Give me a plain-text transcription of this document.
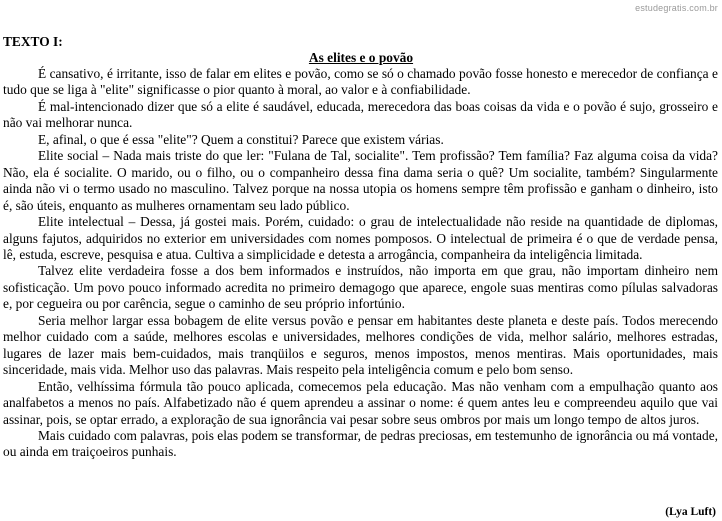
estudegratis.com.br

TEXTO I:

As elites e o povão

É cansativo, é irritante, isso de falar em elites e povão, como se só o chamado povão fosse honesto e merecedor de confiança e tudo que se liga à "elite" significasse o pior quanto à moral, ao valor e à confiabilidade.

É mal-intencionado dizer que só a elite é saudável, educada, merecedora das boas coisas da vida e o povão é sujo, grosseiro e não vai melhorar nunca.

E, afinal, o que é essa "elite"? Quem a constitui? Parece que existem várias.

Elite social – Nada mais triste do que ler: "Fulana de Tal, socialite". Tem profissão? Tem família? Faz alguma coisa da vida? Não, ela é socialite. O marido, ou o filho, ou o companheiro dessa fina dama seria o quê? Um socialite, também? Singularmente ainda não vi o termo usado no masculino. Talvez porque na nossa utopia os homens sempre têm profissão e ganham o dinheiro, isto é, são úteis, enquanto as mulheres ornamentam seu lado público.

Elite intelectual – Dessa, já gostei mais. Porém, cuidado: o grau de intelectualidade não reside na quantidade de diplomas, alguns fajutos, adquiridos no exterior em universidades com nomes pomposos. O intelectual de primeira é o que de verdade pensa, lê, estuda, escreve, pesquisa e atua. Cultiva a simplicidade e detesta a arrogância, companheira da inteligência limitada.

Talvez elite verdadeira fosse a dos bem informados e instruídos, não importa em que grau, não importam dinheiro nem sofisticação. Um povo pouco informado acredita no primeiro demagogo que aparece, engole suas mentiras como pílulas salvadoras e, por cegueira ou por carência, segue o caminho de seu próprio infortúnio.

Seria melhor largar essa bobagem de elite versus povão e pensar em habitantes deste planeta e deste país. Todos merecendo melhor cuidado com a saúde, melhores escolas e universidades, melhores condições de vida, melhor salário, melhores estradas, lugares de lazer mais bem-cuidados, mais tranqüilos e seguros, menos impostos, menos mentiras. Mais oportunidades, mais sinceridade, mais vida. Melhor uso das palavras. Mais respeito pela inteligência comum e pelo bom senso.

Então, velhíssima fórmula tão pouco aplicada, comecemos pela educação. Mas não venham com a empulhação quanto aos analfabetos a menos no país. Alfabetizado não é quem aprendeu a assinar o nome: é quem antes leu e compreendeu aquilo que vai assinar, pois, se optar errado, a exploração de sua ignorância vai pesar sobre seus ombros por mais um longo tempo de altos juros.

Mais cuidado com palavras, pois elas podem se transformar, de pedras preciosas, em testemunho de ignorância ou má vontade, ou ainda em traiçoeiros punhais.

(Lya Luft)
